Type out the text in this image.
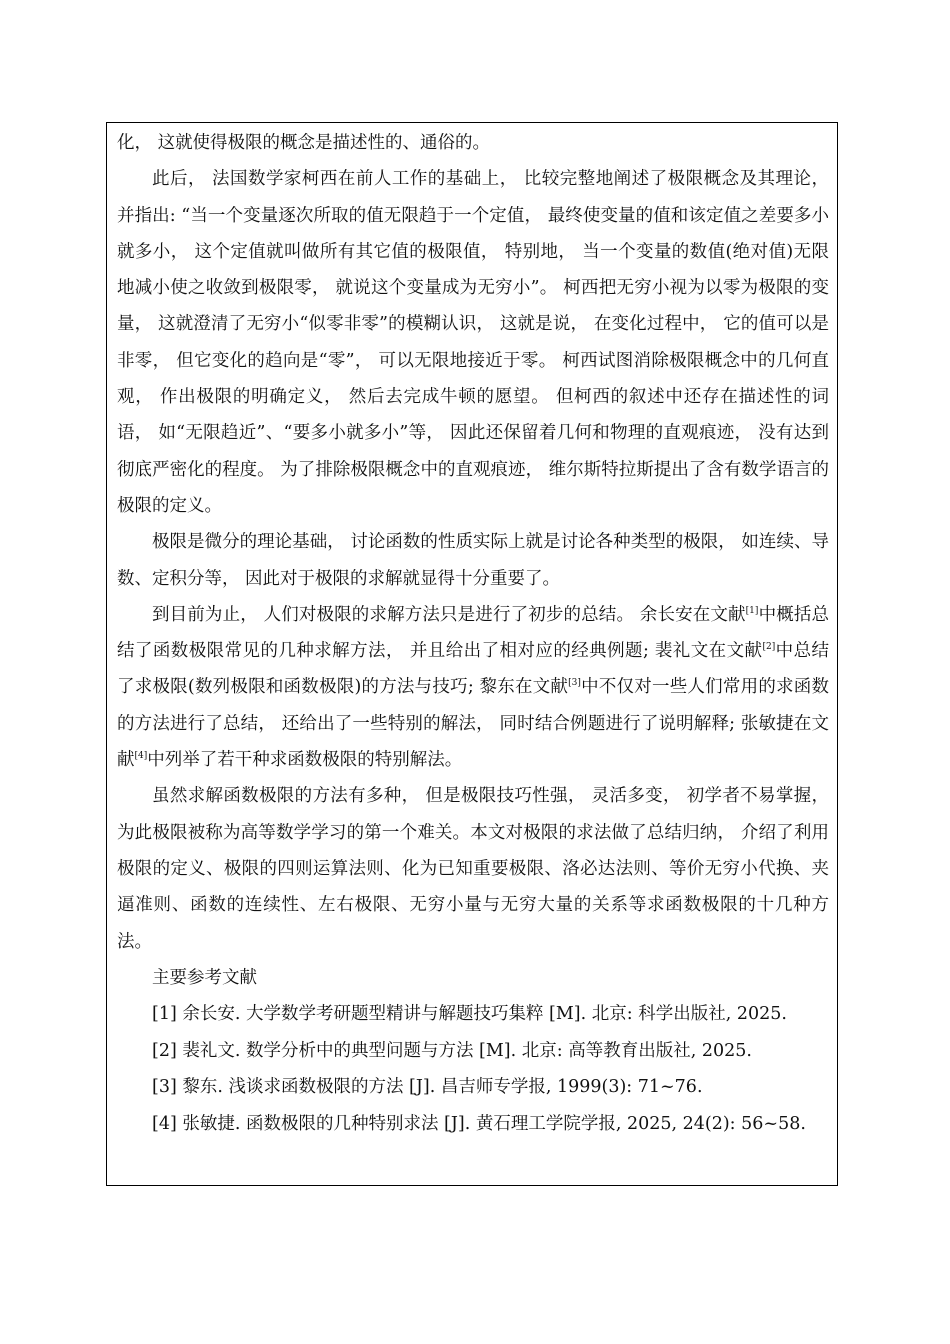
化， 这就使得极限的概念是描述性的、通俗的。

此后， 法国数学家柯西在前人工作的基础上， 比较完整地阐述了极限概念及其理论， 并指出: “当一个变量逐次所取的值无限趋于一个定值， 最终使变量的值和该定值之差要多小就多小， 这个定值就叫做所有其它值的极限值， 特别地， 当一个变量的数值(绝对值)无限地减小使之收敛到极限零， 就说这个变量成为无穷小”。 柯西把无穷小视为以零为极限的变量， 这就澄清了无穷小“似零非零”的模糊认识， 这就是说， 在变化过程中， 它的值可以是非零， 但它变化的趋向是“零”， 可以无限地接近于零。 柯西试图消除极限概念中的几何直观， 作出极限的明确定义， 然后去完成牛顿的愿望。 但柯西的叙述中还存在描述性的词语， 如“无限趋近”、“要多小就多小”等， 因此还保留着几何和物理的直观痕迹， 没有达到彻底严密化的程度。 为了排除极限概念中的直观痕迹， 维尔斯特拉斯提出了含有数学语言的极限的定义。

极限是微分的理论基础， 讨论函数的性质实际上就是讨论各种类型的极限， 如连续、导数、定积分等， 因此对于极限的求解就显得十分重要了。

到目前为止， 人们对极限的求解方法只是进行了初步的总结。 余长安在文献[1]中概括总结了函数极限常见的几种求解方法， 并且给出了相对应的经典例题; 裴礼文在文献[2]中总结了求极限(数列极限和函数极限)的方法与技巧; 黎东在文献[3]中不仅对一些人们常用的求函数的方法进行了总结， 还给出了一些特别的解法， 同时结合例题进行了说明解释; 张敏捷在文献[4]中列举了若干种求函数极限的特别解法。

虽然求解函数极限的方法有多种， 但是极限技巧性强， 灵活多变， 初学者不易掌握， 为此极限被称为高等数学学习的第一个难关。本文对极限的求法做了总结归纳， 介绍了利用极限的定义、极限的四则运算法则、化为已知重要极限、洛必达法则、等价无穷小代换、夹逼准则、函数的连续性、左右极限、无穷小量与无穷大量的关系等求函数极限的十几种方法。

主要参考文献

[1] 余长安. 大学数学考研题型精讲与解题技巧集粹 [M]. 北京: 科学出版社, 2025.

[2] 裴礼文. 数学分析中的典型问题与方法 [M]. 北京: 高等教育出版社, 2025.

[3] 黎东. 浅谈求函数极限的方法 [J]. 昌吉师专学报, 1999(3): 71~76.

[4] 张敏捷. 函数极限的几种特别求法 [J]. 黄石理工学院学报, 2025, 24(2): 56~58.
